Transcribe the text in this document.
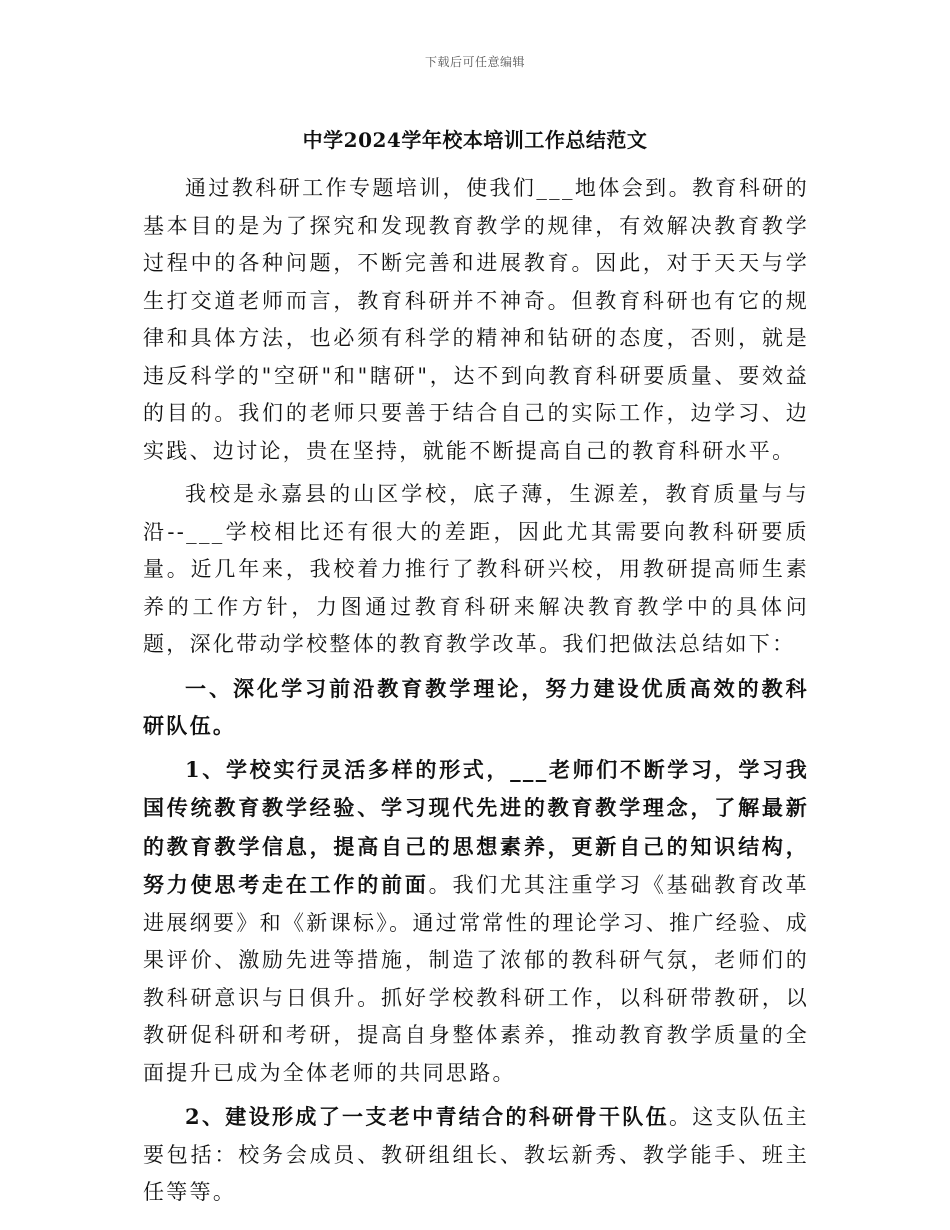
下载后可任意编辑
中学2024学年校本培训工作总结范文

通过教科研工作专题培训，使我们___地体会到。教育科研的基本目的是为了探究和发现教育教学的规律，有效解决教育教学过程中的各种问题，不断完善和进展教育。因此，对于天天与学生打交道老师而言，教育科研并不神奇。但教育科研也有它的规律和具体方法，也必须有科学的精神和钻研的态度，否则，就是违反科学的"空研"和"瞎研"，达不到向教育科研要质量、要效益的目的。我们的老师只要善于结合自己的实际工作，边学习、边实践、边讨论，贵在坚持，就能不断提高自己的教育科研水平。

我校是永嘉县的山区学校，底子薄，生源差，教育质量与与沿--___学校相比还有很大的差距，因此尤其需要向教科研要质量。近几年来，我校着力推行了教科研兴校，用教研提高师生素养的工作方针，力图通过教育科研来解决教育教学中的具体问题，深化带动学校整体的教育教学改革。我们把做法总结如下：

一、深化学习前沿教育教学理论，努力建设优质高效的教科研队伍。

1、学校实行灵活多样的形式，___老师们不断学习，学习我国传统教育教学经验、学习现代先进的教育教学理念，了解最新的教育教学信息，提高自己的思想素养，更新自己的知识结构，努力使思考走在工作的前面。我们尤其注重学习《基础教育改革进展纲要》和《新课标》。通过常常性的理论学习、推广经验、成果评价、激励先进等措施，制造了浓郁的教科研气氛，老师们的教科研意识与日俱升。抓好学校教科研工作，以科研带教研，以教研促科研和考研，提高自身整体素养，推动教育教学质量的全面提升已成为全体老师的共同思路。

2、建设形成了一支老中青结合的科研骨干队伍。这支队伍主要包括：校务会成员、教研组组长、教坛新秀、教学能手、班主任等等。
